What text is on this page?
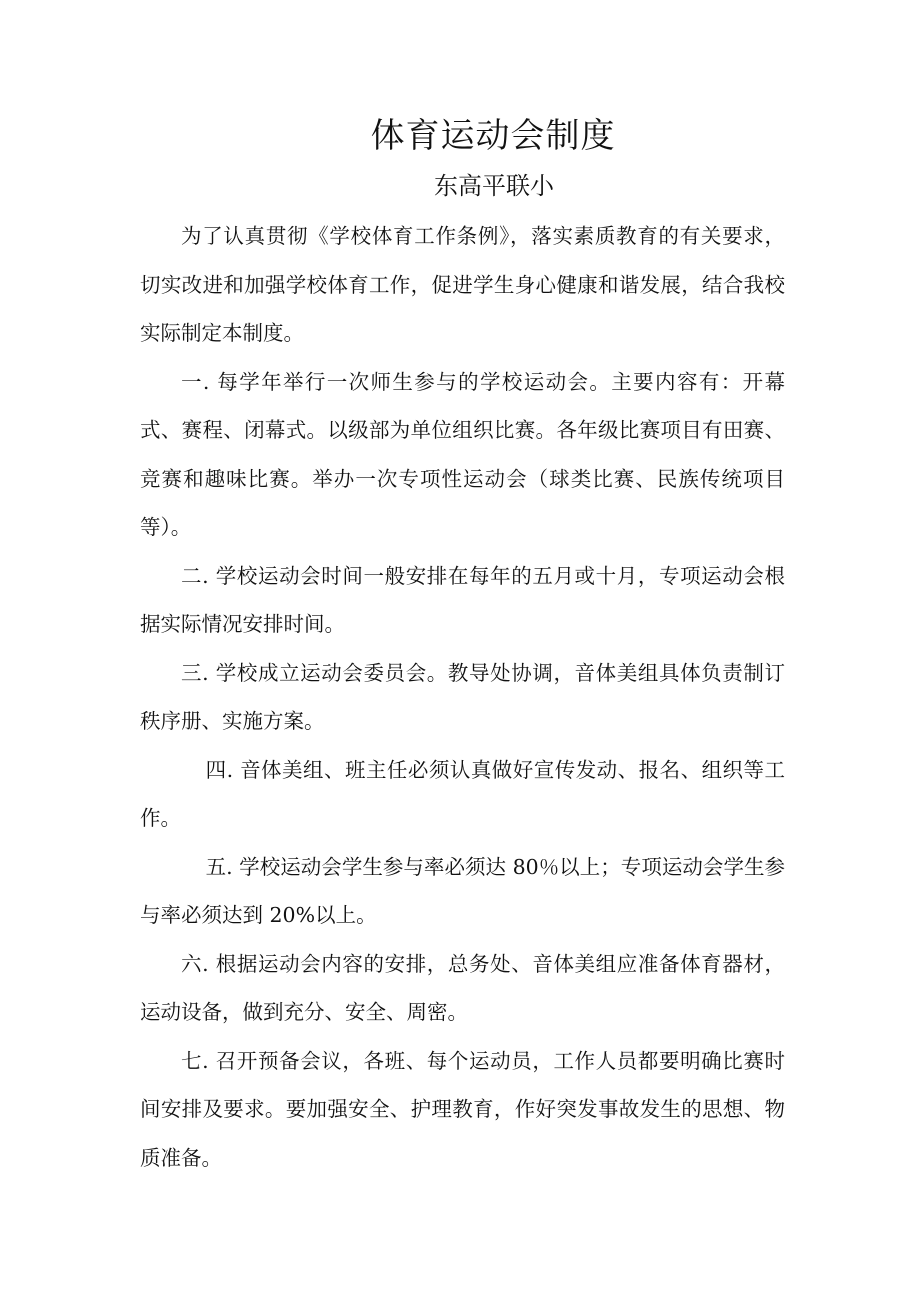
体育运动会制度
东高平联小

为了认真贯彻《学校体育工作条例》，落实素质教育的有关要求，切实改进和加强学校体育工作，促进学生身心健康和谐发展，结合我校实际制定本制度。

一. 每学年举行一次师生参与的学校运动会。主要内容有：开幕式、赛程、闭幕式。以级部为单位组织比赛。各年级比赛项目有田赛、竞赛和趣味比赛。举办一次专项性运动会（球类比赛、民族传统项目等）。

二. 学校运动会时间一般安排在每年的五月或十月，专项运动会根据实际情况安排时间。

三. 学校成立运动会委员会。教导处协调，音体美组具体负责制订秩序册、实施方案。

四. 音体美组、班主任必须认真做好宣传发动、报名、组织等工作。

五. 学校运动会学生参与率必须达 80％以上；专项运动会学生参与率必须达到 20%以上。

六. 根据运动会内容的安排，总务处、音体美组应准备体育器材，运动设备，做到充分、安全、周密。

七. 召开预备会议，各班、每个运动员，工作人员都要明确比赛时间安排及要求。要加强安全、护理教育，作好突发事故发生的思想、物质准备。
